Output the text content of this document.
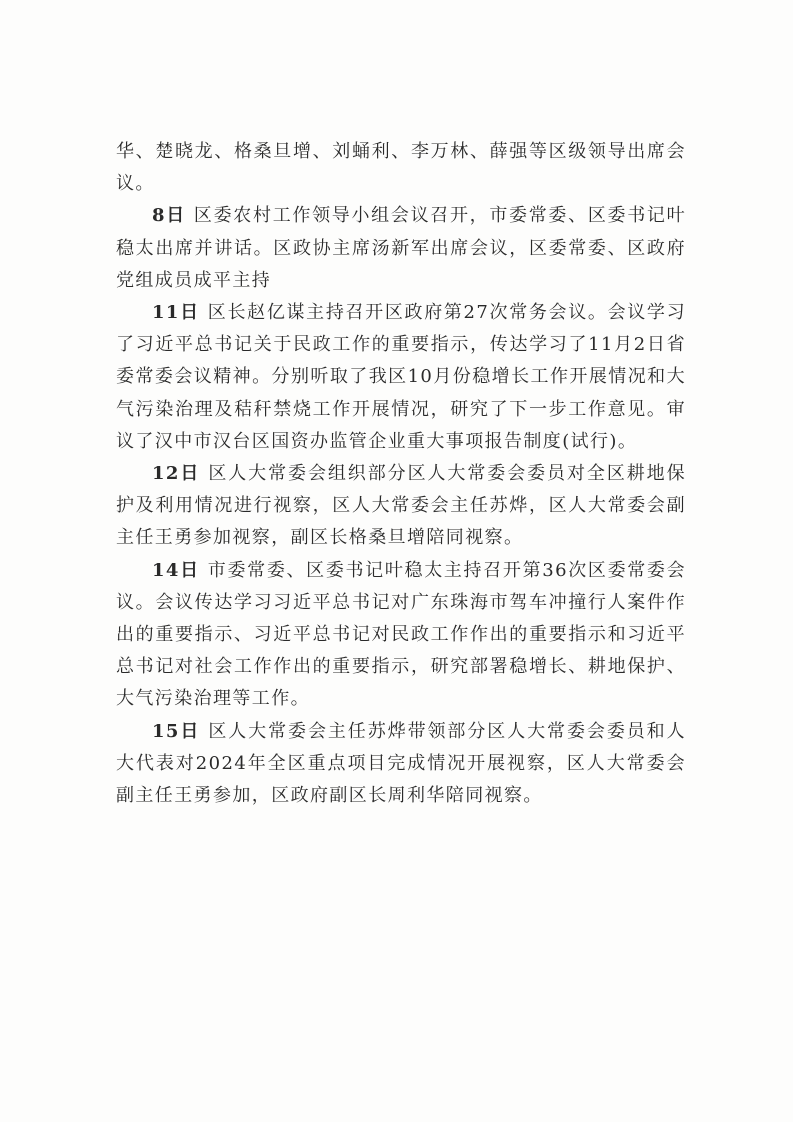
华、楚晓龙、格桑旦增、刘蛹利、李万林、薛强等区级领导出席会议。

8日 区委农村工作领导小组会议召开，市委常委、区委书记叶稳太出席并讲话。区政协主席汤新军出席会议，区委常委、区政府党组成员成平主持

11日 区长赵亿谋主持召开区政府第27次常务会议。会议学习了习近平总书记关于民政工作的重要指示，传达学习了11月2日省委常委会议精神。分别听取了我区10月份稳增长工作开展情况和大气污染治理及秸秆禁烧工作开展情况，研究了下一步工作意见。审议了汉中市汉台区国资办监管企业重大事项报告制度(试行)。

12日 区人大常委会组织部分区人大常委会委员对全区耕地保护及利用情况进行视察，区人大常委会主任苏烨，区人大常委会副主任王勇参加视察，副区长格桑旦增陪同视察。

14日 市委常委、区委书记叶稳太主持召开第36次区委常委会议。会议传达学习习近平总书记对广东珠海市驾车冲撞行人案件作出的重要指示、习近平总书记对民政工作作出的重要指示和习近平总书记对社会工作作出的重要指示，研究部署稳增长、耕地保护、大气污染治理等工作。

15日 区人大常委会主任苏烨带领部分区人大常委会委员和人大代表对2024年全区重点项目完成情况开展视察，区人大常委会副主任王勇参加，区政府副区长周利华陪同视察。
